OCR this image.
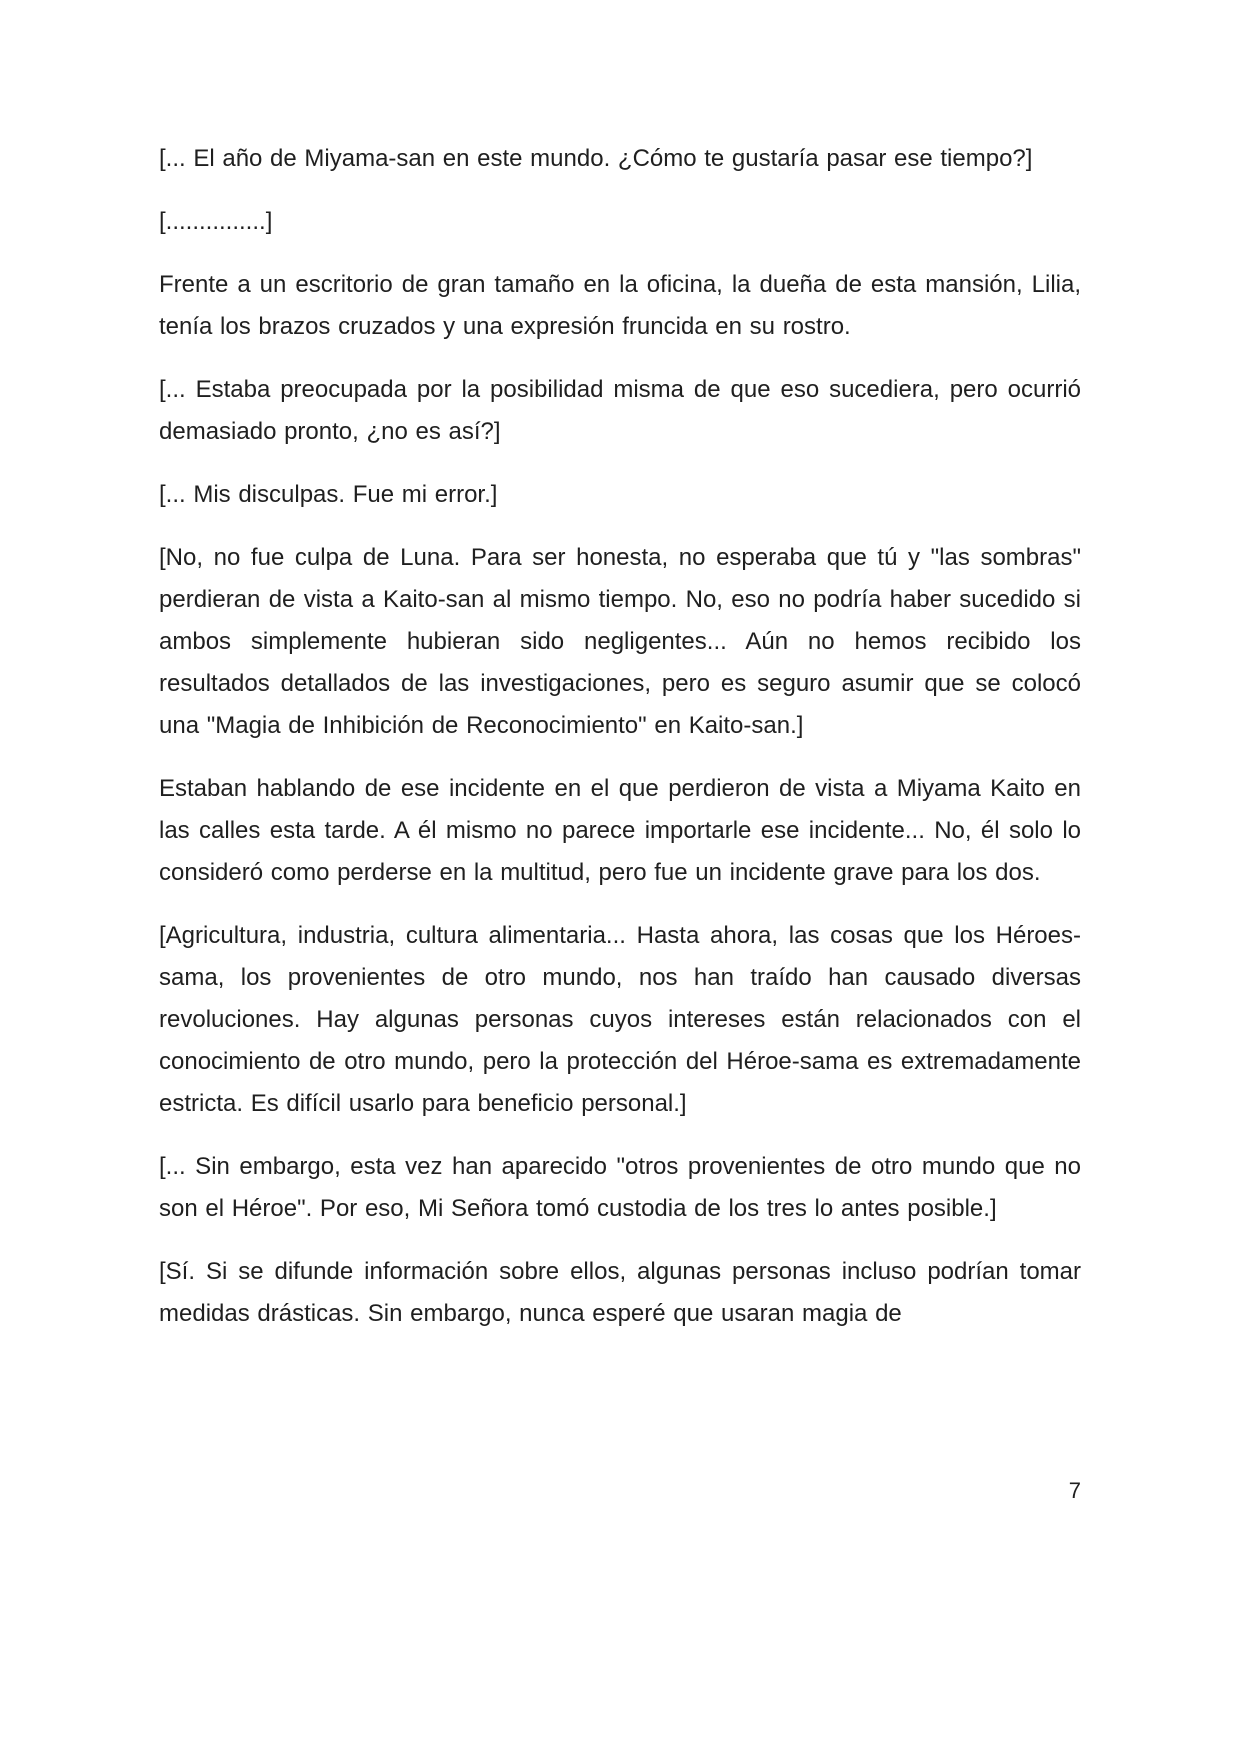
[... El año de Miyama-san en este mundo. ¿Cómo te gustaría pasar ese tiempo?]

[...............]

Frente a un escritorio de gran tamaño en la oficina, la dueña de esta mansión, Lilia, tenía los brazos cruzados y una expresión fruncida en su rostro.

[... Estaba preocupada por la posibilidad misma de que eso sucediera, pero ocurrió demasiado pronto, ¿no es así?]

[... Mis disculpas. Fue mi error.]

[No, no fue culpa de Luna. Para ser honesta, no esperaba que tú y "las sombras" perdieran de vista a Kaito-san al mismo tiempo. No, eso no podría haber sucedido si ambos simplemente hubieran sido negligentes... Aún no hemos recibido los resultados detallados de las investigaciones, pero es seguro asumir que se colocó una "Magia de Inhibición de Reconocimiento" en Kaito-san.]

Estaban hablando de ese incidente en el que perdieron de vista a Miyama Kaito en las calles esta tarde. A él mismo no parece importarle ese incidente... No, él solo lo consideró como perderse en la multitud, pero fue un incidente grave para los dos.

[Agricultura, industria, cultura alimentaria... Hasta ahora, las cosas que los Héroes-sama, los provenientes de otro mundo, nos han traído han causado diversas revoluciones. Hay algunas personas cuyos intereses están relacionados con el conocimiento de otro mundo, pero la protección del Héroe-sama es extremadamente estricta. Es difícil usarlo para beneficio personal.]

[... Sin embargo, esta vez han aparecido "otros provenientes de otro mundo que no son el Héroe". Por eso, Mi Señora tomó custodia de los tres lo antes posible.]

[Sí. Si se difunde información sobre ellos, algunas personas incluso podrían tomar medidas drásticas. Sin embargo, nunca esperé que usaran magia de

7
